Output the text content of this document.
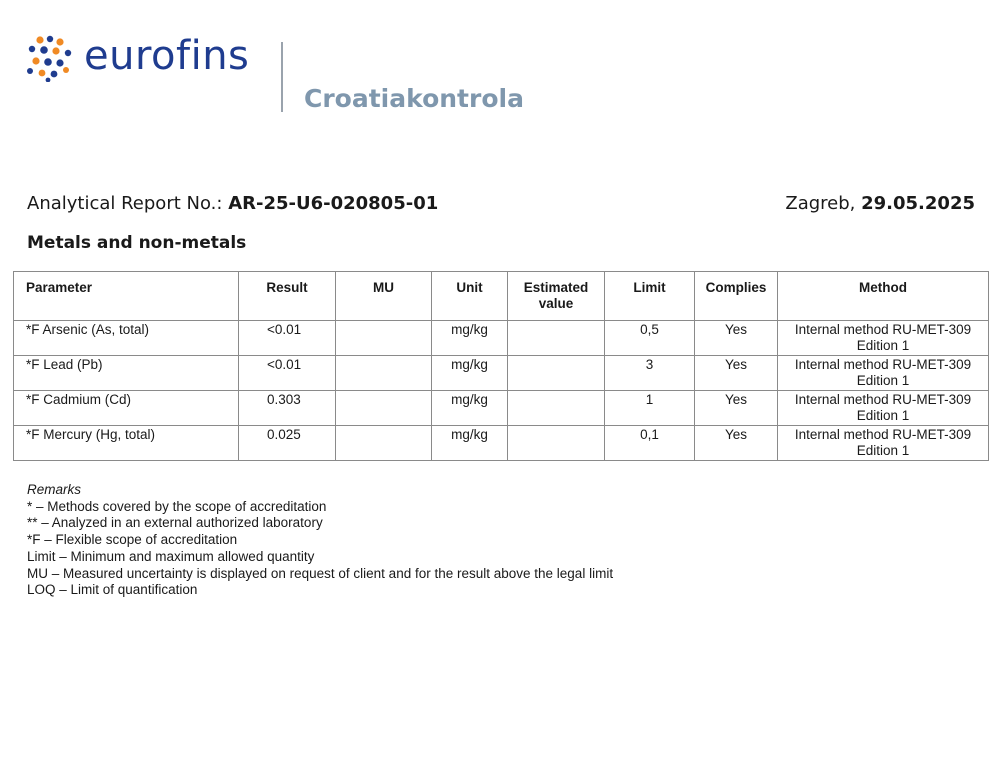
eurofins
Croatiakontrola
Analytical Report No.: AR-25-U6-020805-01	Zagreb, 29.05.2025
Metals and non-metals
Parameter	Result	MU	Unit	Estimated value	Limit	Complies	Method
*F Arsenic (As, total)	<0.01		mg/kg		0,5	Yes	Internal method RU-MET-309
Edition 1

*F Lead (Pb)	<0.01		mg/kg		3	Yes	Internal method RU-MET-309
Edition 1

*F Cadmium (Cd)	0.303		mg/kg		1	Yes	Internal method RU-MET-309
Edition 1

*F Mercury (Hg, total)	0.025		mg/kg		0,1	Yes	Internal method RU-MET-309
Edition 1
Remarks
* – Methods covered by the scope of accreditation
** – Analyzed in an external authorized laboratory
*F – Flexible scope of accreditation
Limit – Minimum and maximum allowed quantity
MU – Measured uncertainty is displayed on request of client and for the result above the legal limit
LOQ – Limit of quantification
